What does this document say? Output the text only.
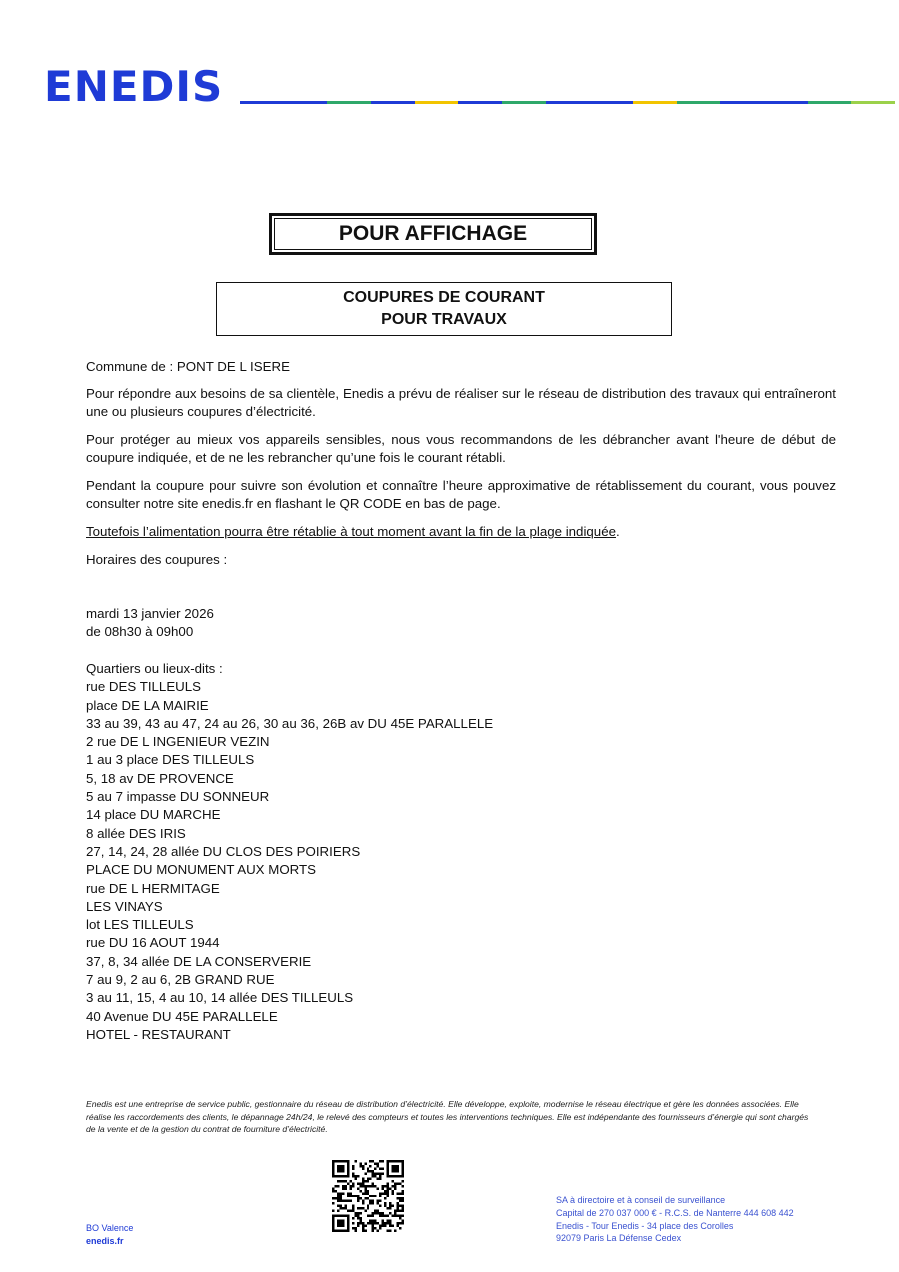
ENEDIS
POUR AFFICHAGE
COUPURES DE COURANT
POUR TRAVAUX
Commune de : PONT DE L ISERE
Pour répondre aux besoins de sa clientèle, Enedis a prévu de réaliser sur le réseau de distribution des travaux qui entraîneront une ou plusieurs coupures d’électricité.
Pour protéger au mieux vos appareils sensibles, nous vous recommandons de les débrancher avant l'heure de début de coupure indiquée, et de ne les rebrancher qu’une fois le courant rétabli.
Pendant la coupure pour suivre son évolution et connaître l’heure approximative de rétablissement du courant, vous pouvez consulter notre site enedis.fr en flashant le QR CODE en bas de page.
Toutefois l’alimentation pourra être rétablie à tout moment avant la fin de la plage indiquée.
Horaires des coupures :
mardi 13 janvier 2026
de 08h30 à 09h00
Quartiers ou lieux-dits :
rue DES TILLEULS
place DE LA MAIRIE
33 au 39, 43 au 47, 24 au 26, 30 au 36, 26B av DU 45E PARALLELE
2 rue DE L INGENIEUR VEZIN
1 au 3 place DES TILLEULS
5, 18 av DE PROVENCE
5 au 7 impasse DU SONNEUR
14 place DU MARCHE
8 allée DES IRIS
27, 14, 24, 28 allée DU CLOS DES POIRIERS
PLACE DU MONUMENT AUX MORTS
rue DE L HERMITAGE
LES VINAYS
lot LES TILLEULS
rue DU 16 AOUT 1944
37, 8, 34 allée DE LA CONSERVERIE
7 au 9, 2 au 6, 2B GRAND RUE
3 au 11, 15, 4 au 10, 14 allée DES TILLEULS
40 Avenue DU 45E PARALLELE
HOTEL - RESTAURANT
Enedis est une entreprise de service public, gestionnaire du réseau de distribution d’électricité. Elle développe, exploite, modernise le réseau électrique et gère les données associées. Elle réalise les raccordements des clients, le dépannage 24h/24, le relevé des compteurs et toutes les interventions techniques. Elle est indépendante des fournisseurs d’énergie qui sont chargés de la vente et de la gestion du contrat de fourniture d’électricité.
BO Valence
enedis.fr
SA à directoire et à conseil de surveillance
Capital de 270 037 000 € - R.C.S. de Nanterre 444 608 442
Enedis - Tour Enedis - 34 place des Corolles
92079 Paris La Défense Cedex
